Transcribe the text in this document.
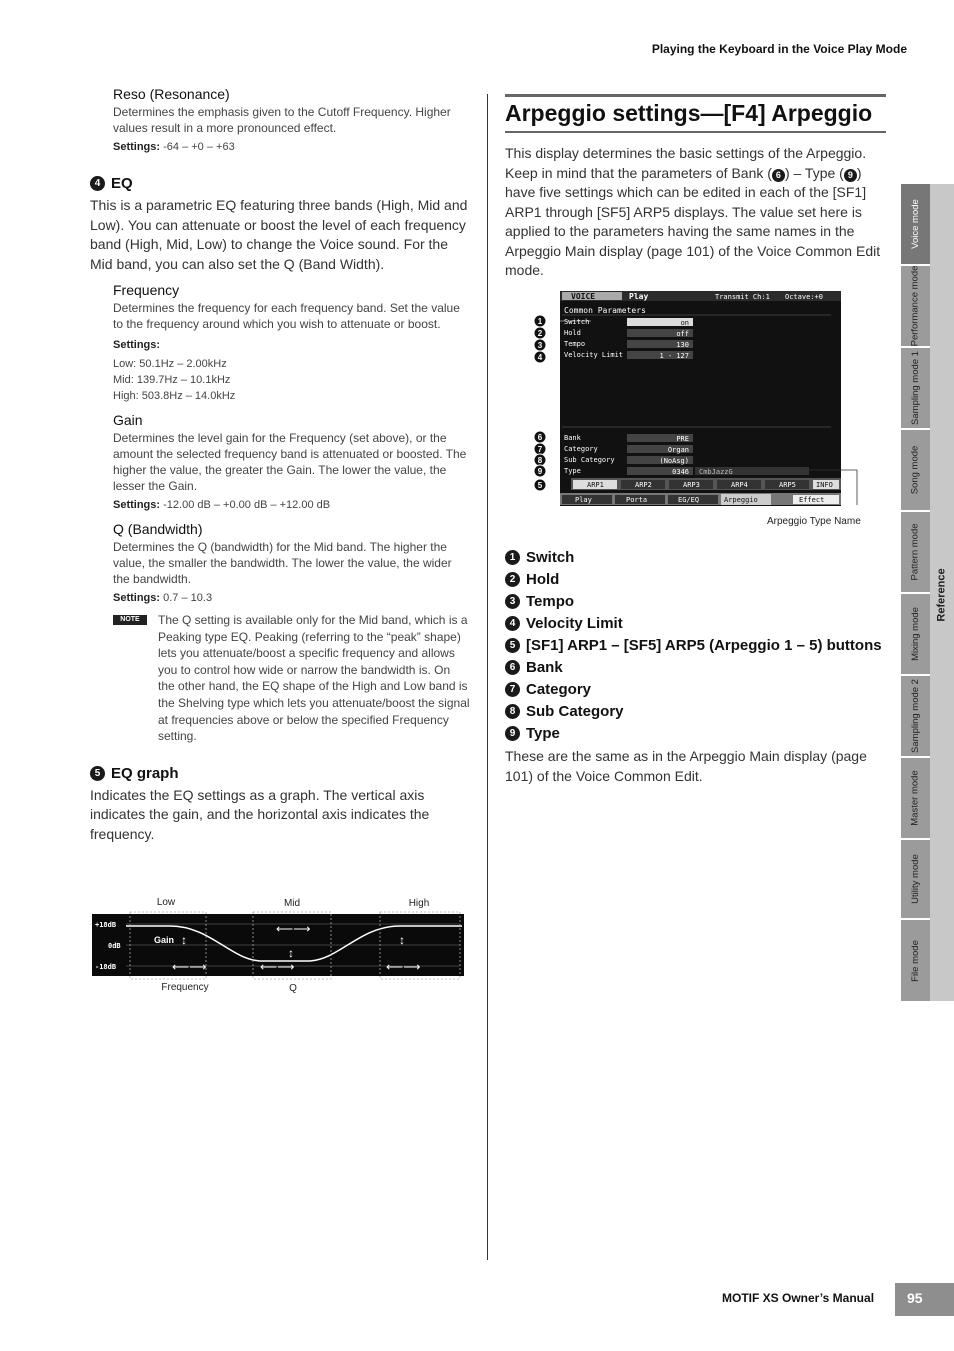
Playing the Keyboard in the Voice Play Mode

Reso (Resonance)

Determines the emphasis given to the Cutoff Frequency. Higher values result in a more pronounced effect.

Settings: -64 – +0 – +63

4 EQ

This is a parametric EQ featuring three bands (High, Mid and Low). You can attenuate or boost the level of each frequency band (High, Mid, Low) to change the Voice sound. For the Mid band, you can also set the Q (Band Width).

Frequency

Determines the frequency for each frequency band. Set the value to the frequency around which you wish to attenuate or boost.

Settings:

Low: 50.1Hz – 2.00kHz

Mid: 139.7Hz – 10.1kHz

High: 503.8Hz – 14.0kHz

Gain

Determines the level gain for the Frequency (set above), or the amount the selected frequency band is attenuated or boosted. The higher the value, the greater the Gain. The lower the value, the lesser the Gain.

Settings: -12.00 dB – +0.00 dB – +12.00 dB

Q (Bandwidth)

Determines the Q (bandwidth) for the Mid band. The higher the value, the smaller the bandwidth. The lower the value, the wider the bandwidth.

Settings: 0.7 – 10.3

NOTE	The Q setting is available only for the Mid band, which is a Peaking type EQ. Peaking (referring to the “peak” shape) lets you attenuate/boost a specific frequency and allows you to control how wide or narrow the bandwidth is. On the other hand, the EQ shape of the High and Low band is the Shelving type which lets you attenuate/boost the signal at frequencies above or below the specified Frequency setting.

5 EQ graph

Indicates the EQ settings as a graph. The vertical axis indicates the gain, and the horizontal axis indicates the frequency.

Low	Mid	High
+18dB
0dB
-18dB
Gain ↕
⟵⟶
⟵⟶
↕
⟵⟶
↕
⟵⟶
Frequency	Q
Arpeggio settings—[F4] Arpeggio

This display determines the basic settings of the Arpeggio. Keep in mind that the parameters of Bank ( 6 ) – Type ( 9 ) have five settings which can be edited in each of the [SF1] ARP1 through [SF5] ARP5 displays. The value set here is applied to the parameters having the same names in the Arpeggio Main display (page 101) of the Voice Common Edit mode.

VOICE	Play	Transmit Ch:1 Octave:+0
Common Parameters
Switch	on
Hold	off
Tempo	130
Velocity Limit	1 - 127
Bank	PRE
Category	Organ
Sub Category	(NoAsg)
Type	0346 CmbJazzG
ARP1	ARP2	ARP3	ARP4	ARP5	INFO
Play	Porta	EG/EQ	Arpeggio	Effect
1
2
3
4
6
7
8
9
5
Arpeggio Type Name

1 Switch

2 Hold

3 Tempo

4 Velocity Limit

5 [SF1] ARP1 – [SF5] ARP5 (Arpeggio 1 – 5) buttons

6 Bank

7 Category

8 Sub Category

9 Type

These are the same as in the Arpeggio Main display (page 101) of the Voice Common Edit.

Voice mode
Performance mode
Sampling mode 1
Song mode
Pattern mode
Mixing mode
Sampling mode 2
Master mode
Utility mode
File mode
Reference
MOTIF XS Owner’s Manual	95
